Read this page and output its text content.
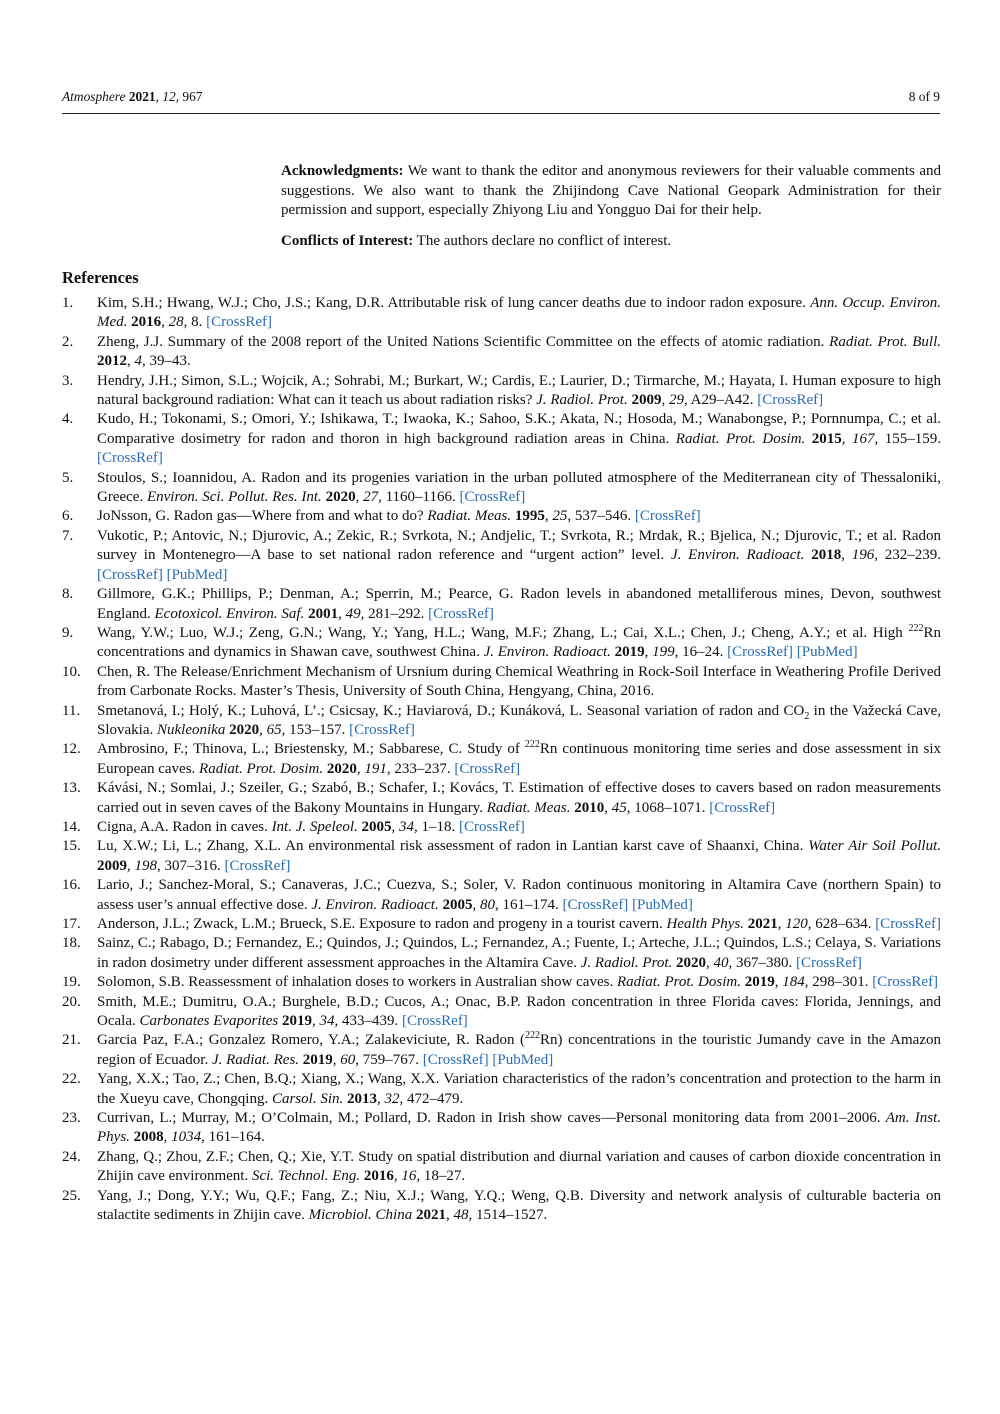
Atmosphere 2021, 12, 967	8 of 9
Acknowledgments: We want to thank the editor and anonymous reviewers for their valuable comments and suggestions. We also want to thank the Zhijindong Cave National Geopark Administration for their permission and support, especially Zhiyong Liu and Yongguo Dai for their help.
Conflicts of Interest: The authors declare no conflict of interest.
References
1.	Kim, S.H.; Hwang, W.J.; Cho, J.S.; Kang, D.R. Attributable risk of lung cancer deaths due to indoor radon exposure. Ann. Occup. Environ. Med. 2016, 28, 8. [CrossRef]
2.	Zheng, J.J. Summary of the 2008 report of the United Nations Scientific Committee on the effects of atomic radiation. Radiat. Prot. Bull. 2012, 4, 39–43.
3.	Hendry, J.H.; Simon, S.L.; Wojcik, A.; Sohrabi, M.; Burkart, W.; Cardis, E.; Laurier, D.; Tirmarche, M.; Hayata, I. Human exposure to high natural background radiation: What can it teach us about radiation risks? J. Radiol. Prot. 2009, 29, A29–A42. [CrossRef]
4.	Kudo, H.; Tokonami, S.; Omori, Y.; Ishikawa, T.; Iwaoka, K.; Sahoo, S.K.; Akata, N.; Hosoda, M.; Wanabongse, P.; Pornnumpa, C.; et al. Comparative dosimetry for radon and thoron in high background radiation areas in China. Radiat. Prot. Dosim. 2015, 167, 155–159. [CrossRef]
5.	Stoulos, S.; Ioannidou, A. Radon and its progenies variation in the urban polluted atmosphere of the Mediterranean city of Thessaloniki, Greece. Environ. Sci. Pollut. Res. Int. 2020, 27, 1160–1166. [CrossRef]
6.	JoNsson, G. Radon gas—Where from and what to do? Radiat. Meas. 1995, 25, 537–546. [CrossRef]
7.	Vukotic, P.; Antovic, N.; Djurovic, A.; Zekic, R.; Svrkota, N.; Andjelic, T.; Svrkota, R.; Mrdak, R.; Bjelica, N.; Djurovic, T.; et al. Radon survey in Montenegro—A base to set national radon reference and “urgent action” level. J. Environ. Radioact. 2018, 196, 232–239. [CrossRef] [PubMed]
8.	Gillmore, G.K.; Phillips, P.; Denman, A.; Sperrin, M.; Pearce, G. Radon levels in abandoned metalliferous mines, Devon, southwest England. Ecotoxicol. Environ. Saf. 2001, 49, 281–292. [CrossRef]
9.	Wang, Y.W.; Luo, W.J.; Zeng, G.N.; Wang, Y.; Yang, H.L.; Wang, M.F.; Zhang, L.; Cai, X.L.; Chen, J.; Cheng, A.Y.; et al. High $^{222}$Rn concentrations and dynamics in Shawan cave, southwest China. J. Environ. Radioact. 2019, 199, 16–24. [CrossRef] [PubMed]
10.	Chen, R. The Release/Enrichment Mechanism of Ursnium during Chemical Weathring in Rock-Soil Interface in Weathering Profile Derived from Carbonate Rocks. Master’s Thesis, University of South China, Hengyang, China, 2016.
11.	Smetanová, I.; Holý, K.; Luhová, L’.; Csicsay, K.; Haviarová, D.; Kunáková, L. Seasonal variation of radon and $CO_2$ in the Važecká Cave, Slovakia. Nukleonika 2020, 65, 153–157. [CrossRef]
12.	Ambrosino, F.; Thinova, L.; Briestensky, M.; Sabbarese, C. Study of $^{222}$Rn continuous monitoring time series and dose assessment in six European caves. Radiat. Prot. Dosim. 2020, 191, 233–237. [CrossRef]
13.	Kávási, N.; Somlai, J.; Szeiler, G.; Szabó, B.; Schafer, I.; Kovács, T. Estimation of effective doses to cavers based on radon measurements carried out in seven caves of the Bakony Mountains in Hungary. Radiat. Meas. 2010, 45, 1068–1071. [CrossRef]
14.	Cigna, A.A. Radon in caves. Int. J. Speleol. 2005, 34, 1–18. [CrossRef]
15.	Lu, X.W.; Li, L.; Zhang, X.L. An environmental risk assessment of radon in Lantian karst cave of Shaanxi, China. Water Air Soil Pollut. 2009, 198, 307–316. [CrossRef]
16.	Lario, J.; Sanchez-Moral, S.; Canaveras, J.C.; Cuezva, S.; Soler, V. Radon continuous monitoring in Altamira Cave (northern Spain) to assess user’s annual effective dose. J. Environ. Radioact. 2005, 80, 161–174. [CrossRef] [PubMed]
17.	Anderson, J.L.; Zwack, L.M.; Brueck, S.E. Exposure to radon and progeny in a tourist cavern. Health Phys. 2021, 120, 628–634. [CrossRef]
18.	Sainz, C.; Rabago, D.; Fernandez, E.; Quindos, J.; Quindos, L.; Fernandez, A.; Fuente, I.; Arteche, J.L.; Quindos, L.S.; Celaya, S. Variations in radon dosimetry under different assessment approaches in the Altamira Cave. J. Radiol. Prot. 2020, 40, 367–380. [CrossRef]
19.	Solomon, S.B. Reassessment of inhalation doses to workers in Australian show caves. Radiat. Prot. Dosim. 2019, 184, 298–301. [CrossRef]
20.	Smith, M.E.; Dumitru, O.A.; Burghele, B.D.; Cucos, A.; Onac, B.P. Radon concentration in three Florida caves: Florida, Jennings, and Ocala. Carbonates Evaporites 2019, 34, 433–439. [CrossRef]
21.	Garcia Paz, F.A.; Gonzalez Romero, Y.A.; Zalakeviciute, R. Radon ($^{222}$Rn) concentrations in the touristic Jumandy cave in the Amazon region of Ecuador. J. Radiat. Res. 2019, 60, 759–767. [CrossRef] [PubMed]
22.	Yang, X.X.; Tao, Z.; Chen, B.Q.; Xiang, X.; Wang, X.X. Variation characteristics of the radon’s concentration and protection to the harm in the Xueyu cave, Chongqing. Carsol. Sin. 2013, 32, 472–479.
23.	Currivan, L.; Murray, M.; O’Colmain, M.; Pollard, D. Radon in Irish show caves—Personal monitoring data from 2001–2006. Am. Inst. Phys. 2008, 1034, 161–164.
24.	Zhang, Q.; Zhou, Z.F.; Chen, Q.; Xie, Y.T. Study on spatial distribution and diurnal variation and causes of carbon dioxide concentration in Zhijin cave environment. Sci. Technol. Eng. 2016, 16, 18–27.
25.	Yang, J.; Dong, Y.Y.; Wu, Q.F.; Fang, Z.; Niu, X.J.; Wang, Y.Q.; Weng, Q.B. Diversity and network analysis of culturable bacteria on stalactite sediments in Zhijin cave. Microbiol. China 2021, 48, 1514–1527.
